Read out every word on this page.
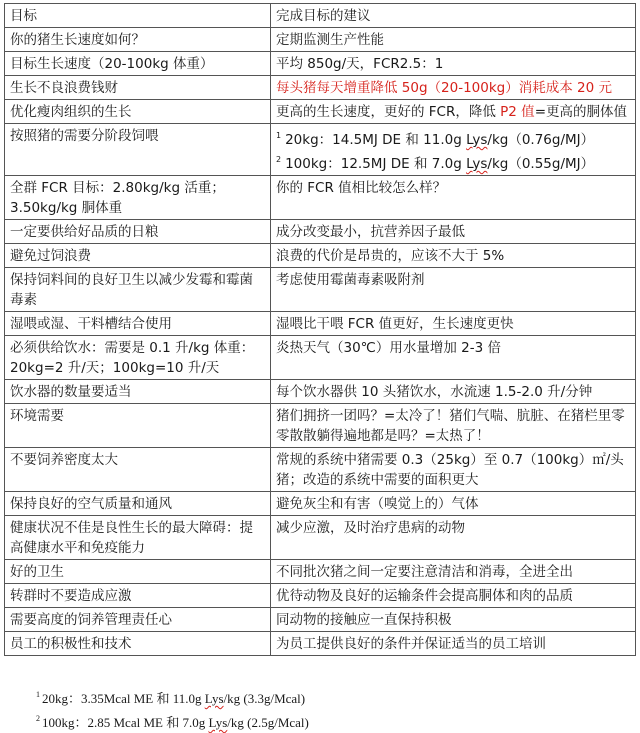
目标	完成目标的建议
你的猪生长速度如何？	定期监测生产性能
目标生长速度（20-100kg 体重）	平均 850g/天，FCR2.5：1
生长不良浪费钱财	每头猪每天增重降低 50g（20-100kg）消耗成本 20 元
优化瘦肉组织的生长	更高的生长速度，更好的 FCR，降低 P2 值=更高的胴体值
按照猪的需要分阶段饲喂	$^1$ 20kg：14.5MJ DE 和 11.0g Lys/kg（0.76g/MJ）
$^2$ 100kg：12.5MJ DE 和 7.0g Lys/kg（0.55g/MJ）

全群 FCR 目标：2.80kg/kg 活重；3.50kg/kg 胴体重	你的 FCR 值相比较怎么样？
一定要供给好品质的日粮	成分改变最小，抗营养因子最低
避免过饲浪费	浪费的代价是昂贵的，应该不大于 5%
保持饲料间的良好卫生以减少发霉和霉菌毒素	考虑使用霉菌毒素吸附剂
湿喂或湿、干料槽结合使用	湿喂比干喂 FCR 值更好，生长速度更快
必须供给饮水：需要是 0.1 升/kg 体重：20kg=2 升/天；100kg=10 升/天	炎热天气（30℃）用水量增加 2-3 倍
饮水器的数量要适当	每个饮水器供 10 头猪饮水，水流速 1.5-2.0 升/分钟
环境需要	猪们拥挤一团吗？=太冷了！猪们气喘、肮脏、在猪栏里零零散散躺得遍地都是吗？=太热了！
不要饲养密度太大	常规的系统中猪需要 0.3（25kg）至 0.7（100kg）㎡/头猪；改造的系统中需要的面积更大
保持良好的空气质量和通风	避免灰尘和有害（嗅觉上的）气体
健康状况不佳是良性生长的最大障碍：提高健康水平和免疫能力	减少应激，及时治疗患病的动物
好的卫生	不同批次猪之间一定要注意清洁和消毒，全进全出
转群时不要造成应激	优待动物及良好的运输条件会提高胴体和肉的品质
需要高度的饲养管理责任心	同动物的接触应一直保持积极
员工的积极性和技术	为员工提供良好的条件并保证适当的员工培训
$^1$ 20kg：3.35Mcal ME 和 11.0g Lys/kg (3.3g/Mcal)
$^2$ 100kg：2.85 Mcal ME 和 7.0g Lys/kg (2.5g/Mcal)
